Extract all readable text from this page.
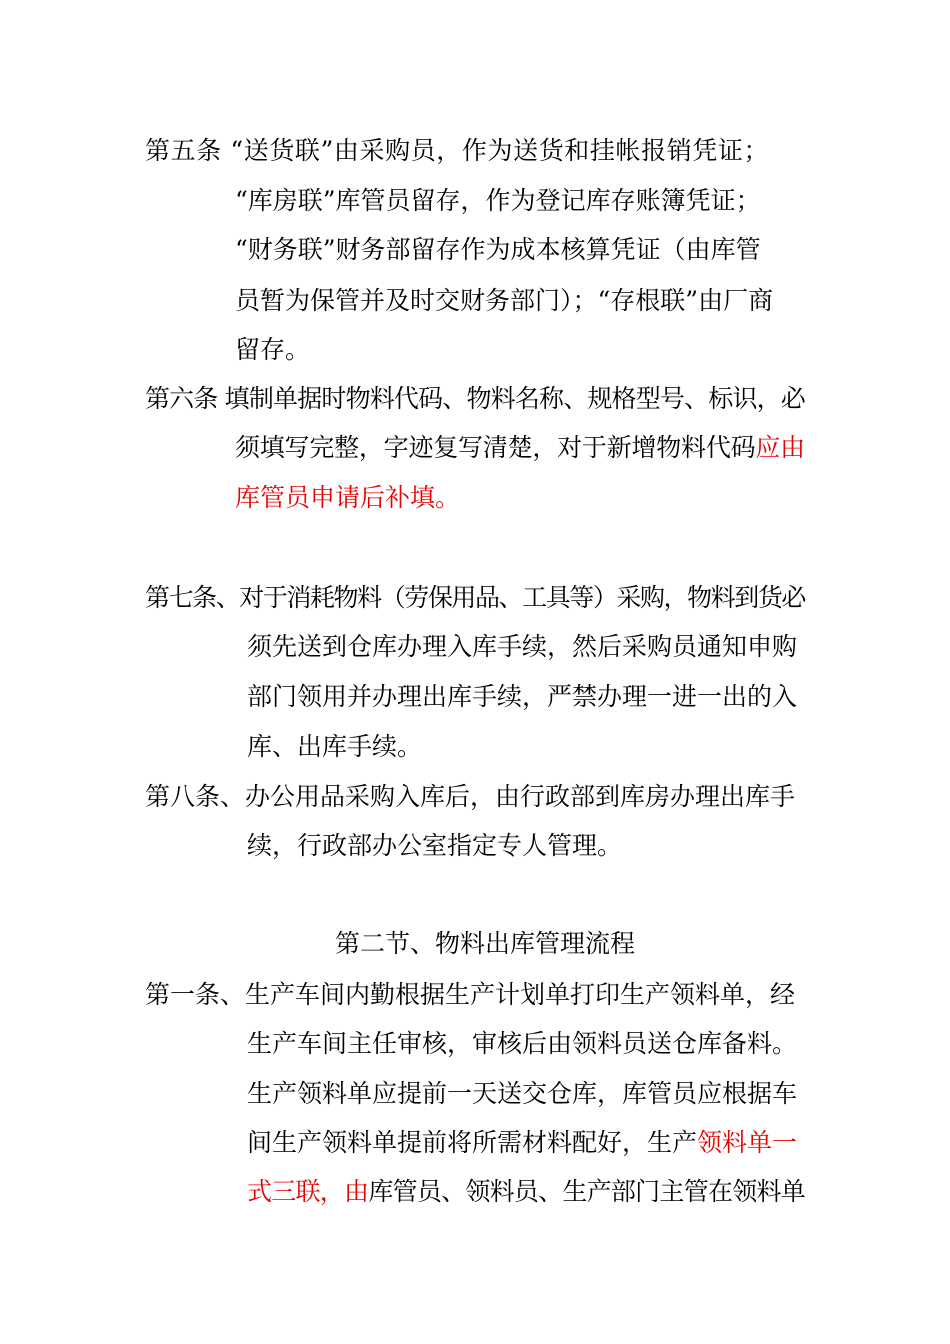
第五条 “送货联”由采购员，作为送货和挂帐报销凭证；
“库房联”库管员留存，作为登记库存账簿凭证；
“财务联”财务部留存作为成本核算凭证（由库管
员暂为保管并及时交财务部门）；“存根联”由厂商
留存。
第六条 填制单据时物料代码、物料名称、规格型号、标识，必
须填写完整，字迹复写清楚，对于新增物料代码应由
库管员申请后补填。
第七条、对于消耗物料（劳保用品、工具等）采购，物料到货必
须先送到仓库办理入库手续，然后采购员通知申购
部门领用并办理出库手续，严禁办理一进一出的入
库、出库手续。
第八条、办公用品采购入库后，由行政部到库房办理出库手
续，行政部办公室指定专人管理。
第二节、物料出库管理流程
第一条、生产车间内勤根据生产计划单打印生产领料单，经
生产车间主任审核，审核后由领料员送仓库备料。
生产领料单应提前一天送交仓库，库管员应根据车
间生产领料单提前将所需材料配好，生产领料单一
式三联，由库管员、领料员、生产部门主管在领料单
